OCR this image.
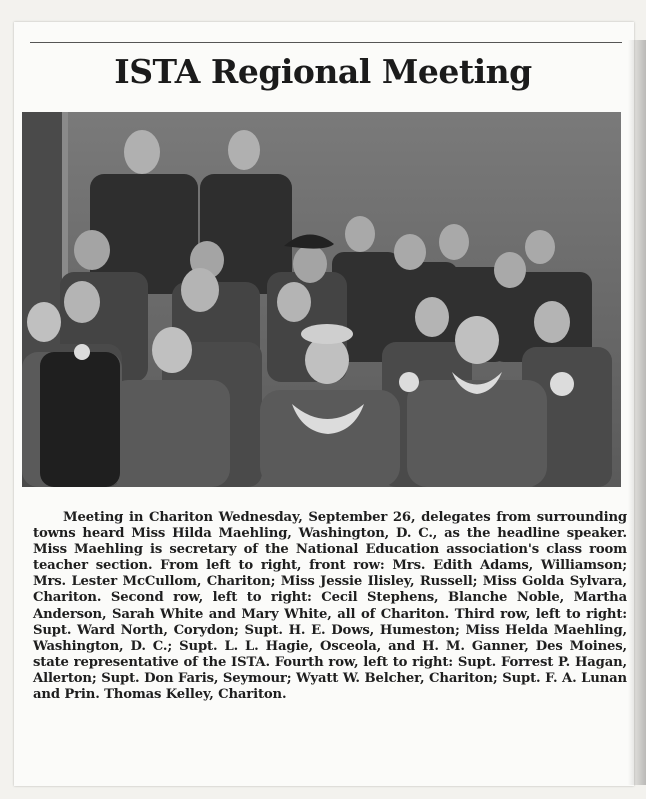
ISTA Regional Meeting
Meeting in Chariton Wednesday, September 26, delegates from surrounding towns heard Miss Hilda Maehling, Washington, D. C., as the headline speaker. Miss Maehling is secretary of the National Education association's class room teacher section. From left to right, front row: Mrs. Edith Adams, Williamson; Mrs. Lester McCullom, Chariton; Miss Jessie Ilisley, Russell; Miss Golda Sylvara, Chariton. Second row, left to right: Cecil Stephens, Blanche Noble, Martha Anderson, Sarah White and Mary White, all of Chariton. Third row, left to right: Supt. Ward North, Corydon; Supt. H. E. Dows, Humeston; Miss Helda Maehling, Washington, D. C.; Supt. L. L. Hagie, Osceola, and H. M. Ganner, Des Moines, state representative of the ISTA. Fourth row, left to right: Supt. Forrest P. Hagan, Allerton; Supt. Don Faris, Seymour; Wyatt W. Belcher, Chariton; Supt. F. A. Lunan and Prin. Thomas Kelley, Chariton.
